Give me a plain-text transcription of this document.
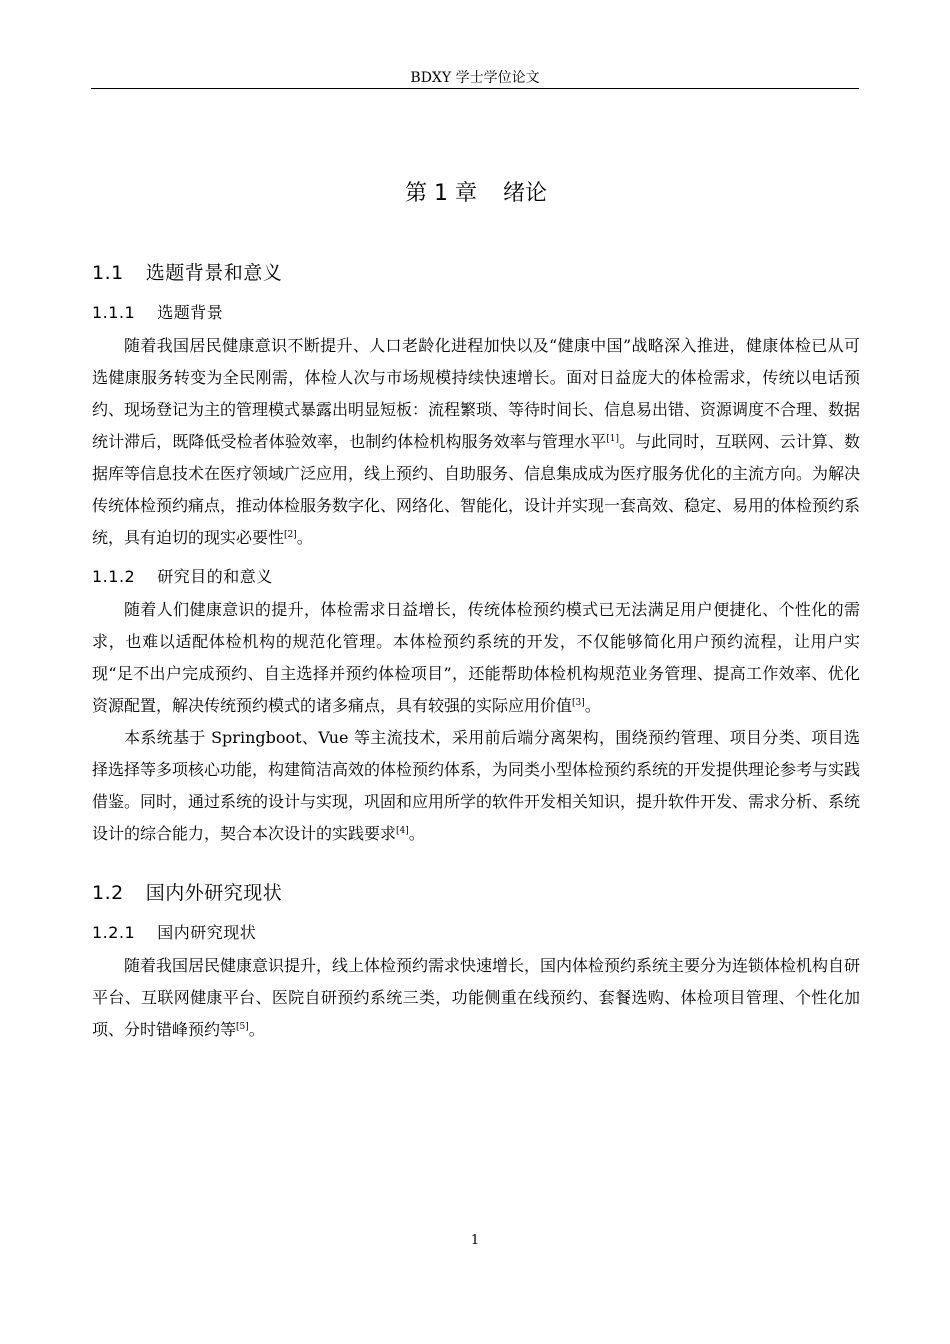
BDXY 学士学位论文
第 1 章 绪论
1.1 选题背景和意义
1.1.1 选题背景

随着我国居民健康意识不断提升、人口老龄化进程加快以及“健康中国”战略深入推进，健康体检已从可选健康服务转变为全民刚需，体检人次与市场规模持续快速增长。面对日益庞大的体检需求，传统以电话预约、现场登记为主的管理模式暴露出明显短板：流程繁琐、等待时间长、信息易出错、资源调度不合理、数据统计滞后，既降低受检者体验效率，也制约体检机构服务效率与管理水平[1]。与此同时，互联网、云计算、数据库等信息技术在医疗领域广泛应用，线上预约、自助服务、信息集成成为医疗服务优化的主流方向。为解决传统体检预约痛点，推动体检服务数字化、网络化、智能化，设计并实现一套高效、稳定、易用的体检预约系统，具有迫切的现实必要性[2]。

1.1.2 研究目的和意义

随着人们健康意识的提升，体检需求日益增长，传统体检预约模式已无法满足用户便捷化、个性化的需求，也难以适配体检机构的规范化管理。本体检预约系统的开发，不仅能够简化用户预约流程，让用户实现“足不出户完成预约、自主选择并预约体检项目”，还能帮助体检机构规范业务管理、提高工作效率、优化资源配置，解决传统预约模式的诸多痛点，具有较强的实际应用价值[3]。

本系统基于 Springboot、Vue 等主流技术，采用前后端分离架构，围绕预约管理、项目分类、项目选择选择等多项核心功能，构建简洁高效的体检预约体系，为同类小型体检预约系统的开发提供理论参考与实践借鉴。同时，通过系统的设计与实现，巩固和应用所学的软件开发相关知识，提升软件开发、需求分析、系统设计的综合能力，契合本次设计的实践要求[4]。

1.2 国内外研究现状
1.2.1 国内研究现状

随着我国居民健康意识提升，线上体检预约需求快速增长，国内体检预约系统主要分为连锁体检机构自研平台、互联网健康平台、医院自研预约系统三类，功能侧重在线预约、套餐选购、体检项目管理、个性化加项、分时错峰预约等[5]。

1
